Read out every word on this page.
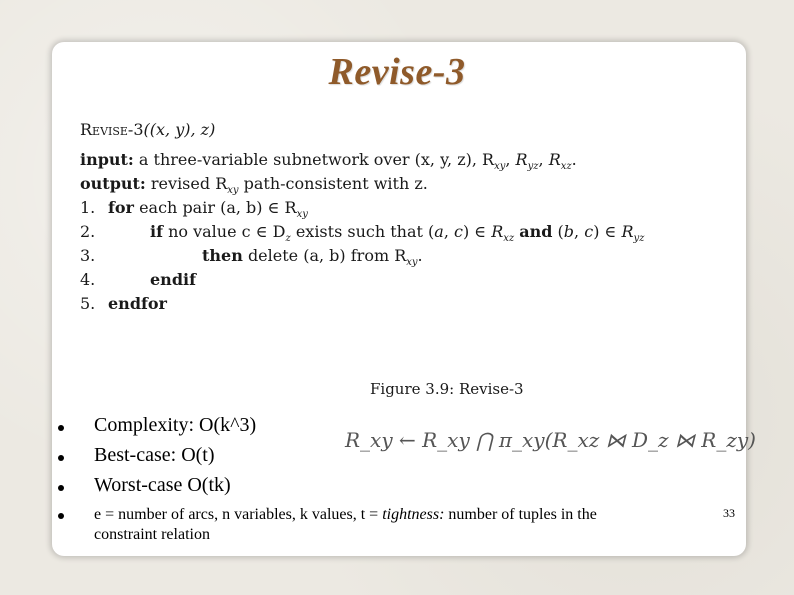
Revise-3
Revise-3((x, y), z)
input: a three-variable subnetwork over (x, y, z), $R_{xy}$, $R_{yz}$, $R_{xz}$.
output: revised $R_{xy}$ path-consistent with z.
1. for each pair (a, b) ∈ $R_{xy}$
2.	if no value c ∈ $D_z$ exists such that (a, c) ∈ $R_{xz}$ and (b, c) ∈ $R_{yz}$
3.	then delete (a, b) from $R_{xy}$.
4.	endif
5. endfor
Figure 3.9: Revise-3
R_xy ← R_xy ⋂ π_xy(R_xz ⋈ D_z ⋈ R_zy)
Complexity: O(k^3)
Best-case: O(t)
Worst-case O(tk)
e = number of arcs, n variables, k values, t = tightness: number of tuples in the
constraint relation
33
